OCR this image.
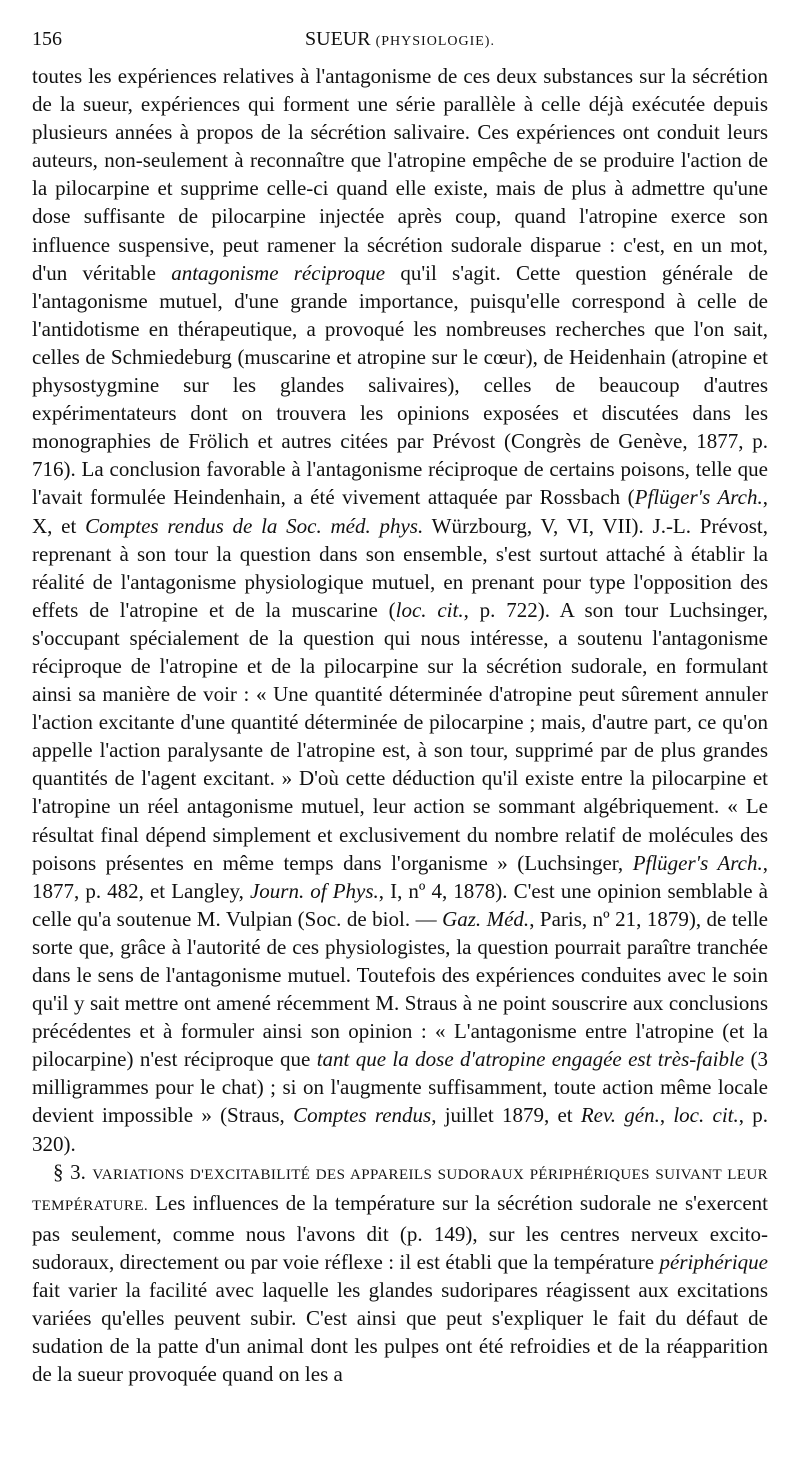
156	SUEUR (PHYSIOLOGIE).

toutes les expériences relatives à l'antagonisme de ces deux substances sur la sécrétion de la sueur, expériences qui forment une série parallèle à celle déjà exécutée depuis plusieurs années à propos de la sécrétion salivaire. Ces expériences ont conduit leurs auteurs, non-seulement à reconnaître que l'atropine empêche de se produire l'action de la pilocarpine et supprime celle-ci quand elle existe, mais de plus à admettre qu'une dose suffisante de pilocarpine injectée après coup, quand l'atropine exerce son influence suspensive, peut ramener la sécrétion sudorale disparue : c'est, en un mot, d'un véritable antagonisme réciproque qu'il s'agit. Cette question générale de l'antagonisme mutuel, d'une grande importance, puisqu'elle correspond à celle de l'antidotisme en thérapeutique, a provoqué les nombreuses recherches que l'on sait, celles de Schmiedeburg (muscarine et atropine sur le cœur), de Heidenhain (atropine et physostygmine sur les glandes salivaires), celles de beaucoup d'autres expérimentateurs dont on trouvera les opinions exposées et discutées dans les monographies de Frölich et autres citées par Prévost (Congrès de Genève, 1877, p. 716). La conclusion favorable à l'antagonisme réciproque de certains poisons, telle que l'avait formulée Heindenhain, a été vivement attaquée par Rossbach (Pflüger's Arch., X, et Comptes rendus de la Soc. méd. phys. Würzbourg, V, VI, VII). J.-L. Prévost, reprenant à son tour la question dans son ensemble, s'est surtout attaché à établir la réalité de l'antagonisme physiologique mutuel, en prenant pour type l'opposition des effets de l'atropine et de la muscarine (loc. cit., p. 722). A son tour Luchsinger, s'occupant spécialement de la question qui nous intéresse, a soutenu l'antagonisme réciproque de l'atropine et de la pilocarpine sur la sécrétion sudorale, en formulant ainsi sa manière de voir : « Une quantité déterminée d'atropine peut sûrement annuler l'action excitante d'une quantité déterminée de pilocarpine ; mais, d'autre part, ce qu'on appelle l'action paralysante de l'atropine est, à son tour, supprimé par de plus grandes quantités de l'agent excitant. » D'où cette déduction qu'il existe entre la pilocarpine et l'atropine un réel antagonisme mutuel, leur action se sommant algébriquement. « Le résultat final dépend simplement et exclusivement du nombre relatif de molécules des poisons présentes en même temps dans l'organisme » (Luchsinger, Pflüger's Arch., 1877, p. 482, et Langley, Journ. of Phys., I, nº 4, 1878). C'est une opinion semblable à celle qu'a soutenue M. Vulpian (Soc. de biol. — Gaz. Méd., Paris, nº 21, 1879), de telle sorte que, grâce à l'autorité de ces physiologistes, la question pourrait paraître tranchée dans le sens de l'antagonisme mutuel. Toutefois des expériences conduites avec le soin qu'il y sait mettre ont amené récemment M. Straus à ne point souscrire aux conclusions précédentes et à formuler ainsi son opinion : « L'antagonisme entre l'atropine (et la pilocarpine) n'est réciproque que tant que la dose d'atropine engagée est très-faible (3 milligrammes pour le chat) ; si on l'augmente suffisamment, toute action même locale devient impossible » (Straus, Comptes rendus, juillet 1879, et Rev. gén., loc. cit., p. 320).

 § 3. VARIATIONS D'EXCITABILITÉ DES APPAREILS SUDORAUX PÉRIPHÉRIQUES SUIVANT LEUR TEMPÉRATURE. Les influences de la température sur la sécrétion sudorale ne s'exercent pas seulement, comme nous l'avons dit (p. 149), sur les centres nerveux excito-sudoraux, directement ou par voie réflexe : il est établi que la température périphérique fait varier la facilité avec laquelle les glandes sudoripares réagissent aux excitations variées qu'elles peuvent subir. C'est ainsi que peut s'expliquer le fait du défaut de sudation de la patte d'un animal dont les pulpes ont été refroidies et de la réapparition de la sueur provoquée quand on les a
